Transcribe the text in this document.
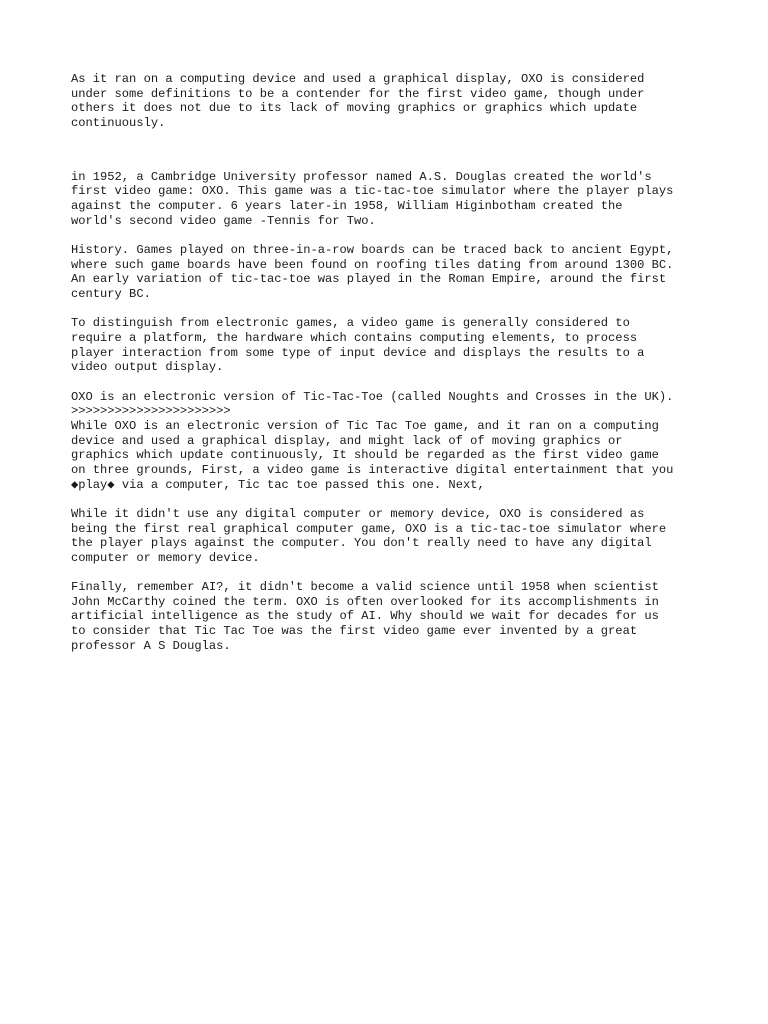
As it ran on a computing device and used a graphical display, OXO is considered
under some definitions to be a contender for the first video game, though under
others it does not due to its lack of moving graphics or graphics which update
continuously.
in 1952, a Cambridge University professor named A.S. Douglas created the world's
first video game: OXO. This game was a tic-tac-toe simulator where the player plays
against the computer. 6 years later-in 1958, William Higinbotham created the
world's second video game -Tennis for Two.
History. Games played on three-in-a-row boards can be traced back to ancient Egypt,
where such game boards have been found on roofing tiles dating from around 1300 BC.
An early variation of tic-tac-toe was played in the Roman Empire, around the first
century BC.
To distinguish from electronic games, a video game is generally considered to
require a platform, the hardware which contains computing elements, to process
player interaction from some type of input device and displays the results to a
video output display.
OXO is an electronic version of Tic-Tac-Toe (called Noughts and Crosses in the UK).
>>>>>>>>>>>>>>>>>>>>>>
While OXO is an electronic version of Tic Tac Toe game, and it ran on a computing
device and used a graphical display, and might lack of of moving graphics or
graphics which update continuously, It should be regarded as the first video game
on three grounds, First, a video game is interactive digital entertainment that you
◆play◆ via a computer, Tic tac toe passed this one. Next,
While it didn't use any digital computer or memory device, OXO is considered as
being the first real graphical computer game, OXO is a tic-tac-toe simulator where
the player plays against the computer. You don't really need to have any digital
computer or memory device.
Finally, remember AI?, it didn't become a valid science until 1958 when scientist
John McCarthy coined the term. OXO is often overlooked for its accomplishments in
artificial intelligence as the study of AI. Why should we wait for decades for us
to consider that Tic Tac Toe was the first video game ever invented by a great
professor A S Douglas.
